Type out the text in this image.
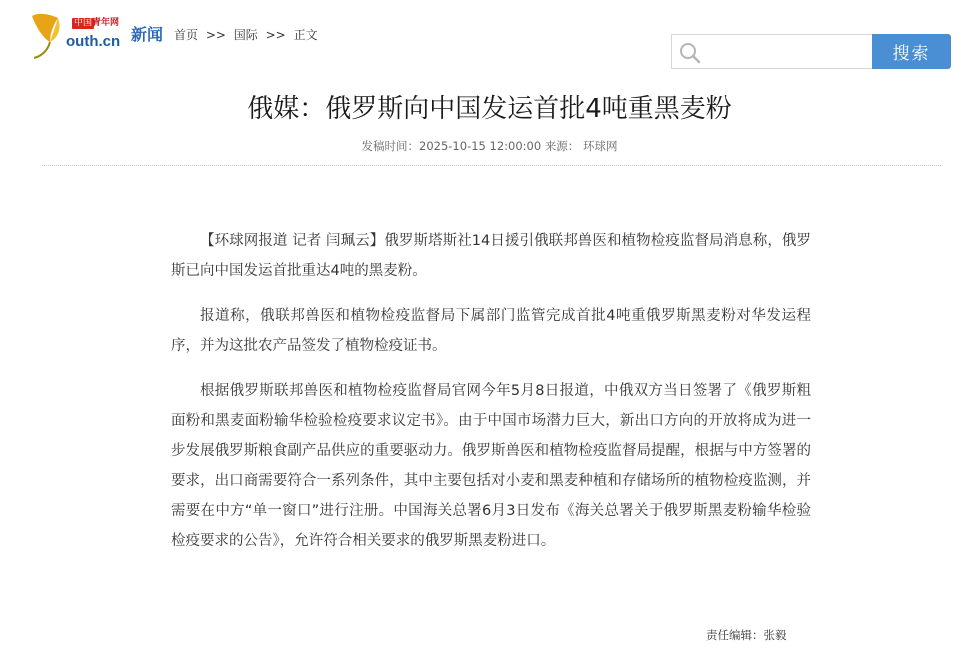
中国 青年网
outh.cn 新闻 首页 >> 国际 >> 正文
搜索
俄媒：俄罗斯向中国发运首批4吨重黑麦粉
发稿时间：2025-10-15 12:00:00 来源： 环球网

【环球网报道 记者 闫珮云】俄罗斯塔斯社14日援引俄联邦兽医和植物检疫监督局消息称，俄罗斯已向中国发运首批重达4吨的黑麦粉。

报道称，俄联邦兽医和植物检疫监督局下属部门监管完成首批4吨重俄罗斯黑麦粉对华发运程序，并为这批农产品签发了植物检疫证书。

根据俄罗斯联邦兽医和植物检疫监督局官网今年5月8日报道，中俄双方当日签署了《俄罗斯粗面粉和黑麦面粉输华检验检疫要求议定书》。由于中国市场潜力巨大，新出口方向的开放将成为进一步发展俄罗斯粮食副产品供应的重要驱动力。俄罗斯兽医和植物检疫监督局提醒，根据与中方签署的要求，出口商需要符合一系列条件，其中主要包括对小麦和黑麦种植和存储场所的植物检疫监测，并需要在中方“单一窗口”进行注册。中国海关总署6月3日发布《海关总署关于俄罗斯黑麦粉输华检验检疫要求的公告》，允许符合相关要求的俄罗斯黑麦粉进口。

责任编辑：张毅
